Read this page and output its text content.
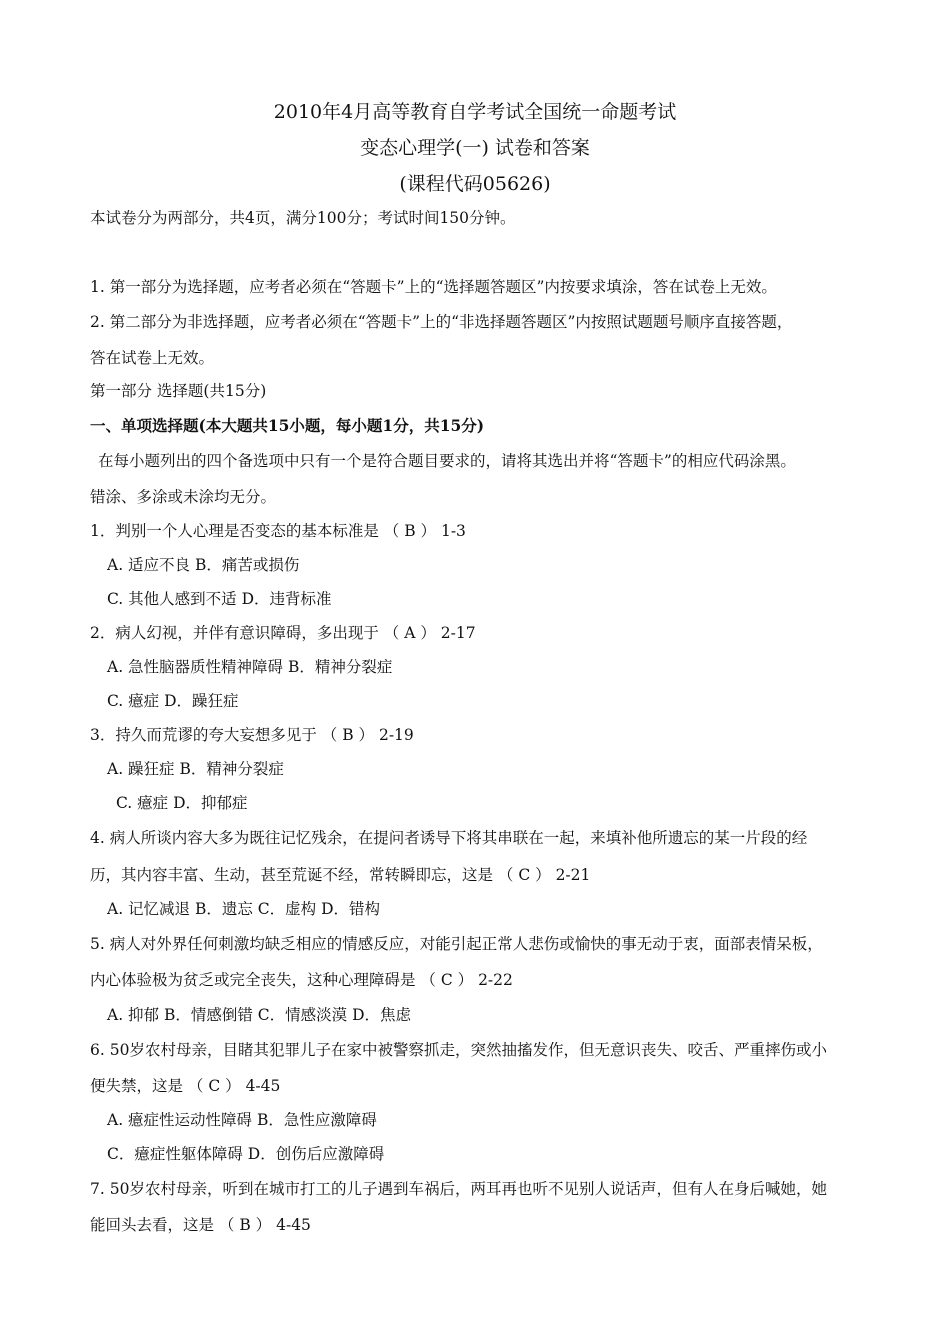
2010年4月高等教育自学考试全国统一命题考试
变态心理学(一) 试卷和答案
(课程代码05626)
本试卷分为两部分，共4页，满分100分；考试时间150分钟。
1. 第一部分为选择题，应考者必须在“答题卡”上的“选择题答题区”内按要求填涂，答在试卷上无效。
2. 第二部分为非选择题，应考者必须在“答题卡”上的“非选择题答题区”内按照试题题号顺序直接答题，
答在试卷上无效。
第一部分 选择题(共15分)
一、单项选择题(本大题共15小题，每小题1分，共15分)
在每小题列出的四个备选项中只有一个是符合题目要求的，请将其选出并将“答题卡”的相应代码涂黑。
错涂、多涂或未涂均无分。
1．判别一个人心理是否变态的基本标准是 （ B ） 1-3
A. 适应不良 B．痛苦或损伤
C. 其他人感到不适 D．违背标准
2．病人幻视，并伴有意识障碍，多出现于 （ A ） 2-17
A. 急性脑器质性精神障碍 B．精神分裂症
C. 癔症 D．躁狂症
3．持久而荒谬的夸大妄想多见于 （ B ） 2-19
A. 躁狂症 B．精神分裂症
C. 癔症 D．抑郁症
4. 病人所谈内容大多为既往记忆残余，在提问者诱导下将其串联在一起，来填补他所遗忘的某一片段的经
历，其内容丰富、生动，甚至荒诞不经，常转瞬即忘，这是 （ C ） 2-21
A. 记忆减退 B．遗忘 C．虚构 D．错构
5. 病人对外界任何刺激均缺乏相应的情感反应，对能引起正常人悲伤或愉快的事无动于衷，面部表情呆板，
内心体验极为贫乏或完全丧失，这种心理障碍是 （ C ） 2-22
A. 抑郁 B．情感倒错 C．情感淡漠 D．焦虑
6. 50岁农村母亲，目睹其犯罪儿子在家中被警察抓走，突然抽搐发作，但无意识丧失、咬舌、严重摔伤或小
便失禁，这是 （ C ） 4-45
A. 癔症性运动性障碍 B．急性应激障碍
C．癔症性躯体障碍 D．创伤后应激障碍
7. 50岁农村母亲，听到在城市打工的儿子遇到车祸后，两耳再也听不见别人说话声，但有人在身后喊她，她
能回头去看，这是 （ B ） 4-45
